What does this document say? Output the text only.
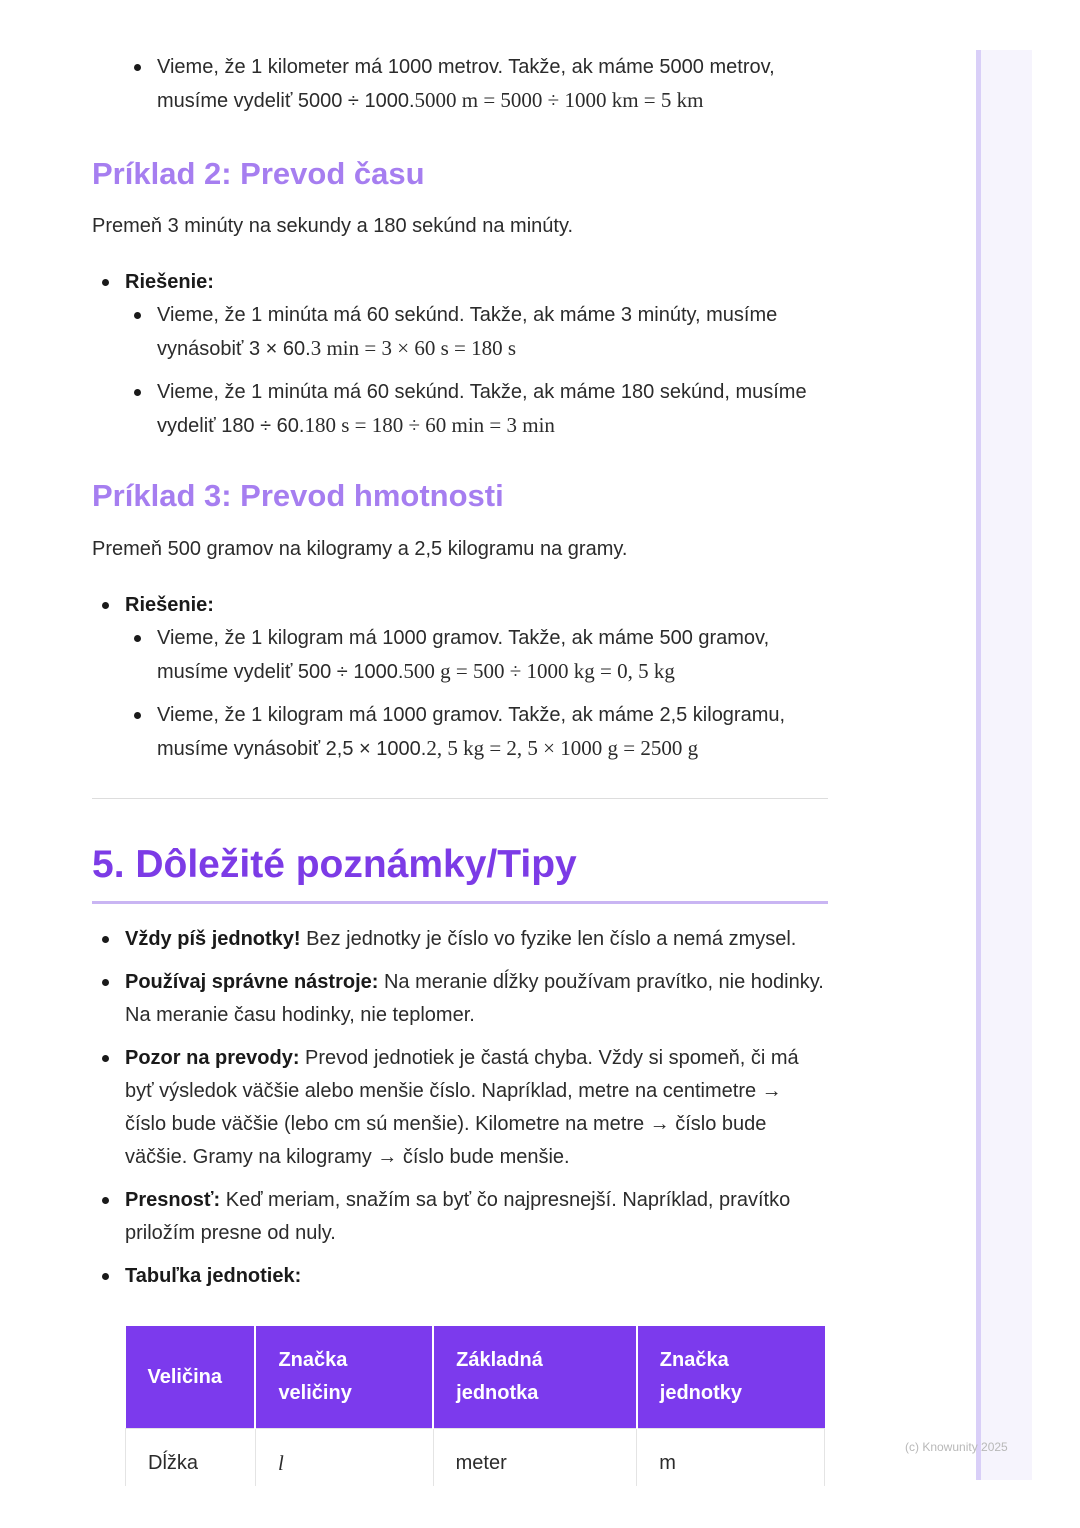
Vieme, že 1 kilometer má 1000 metrov. Takže, ak máme 5000 metrov, musíme vydeliť 5000 ÷ 1000.5000 m = 5000 ÷ 1000 km = 5 km
Príklad 2: Prevod času

Premeň 3 minúty na sekundy a 180 sekúnd na minúty.

Riešenie:
Vieme, že 1 minúta má 60 sekúnd. Takže, ak máme 3 minúty, musíme vynásobiť 3 × 60.3 min = 3 × 60 s = 180 s
Vieme, že 1 minúta má 60 sekúnd. Takže, ak máme 180 sekúnd, musíme vydeliť 180 ÷ 60.180 s = 180 ÷ 60 min = 3 min
Príklad 3: Prevod hmotnosti

Premeň 500 gramov na kilogramy a 2,5 kilogramu na gramy.

Riešenie:
Vieme, že 1 kilogram má 1000 gramov. Takže, ak máme 500 gramov, musíme vydeliť 500 ÷ 1000.500 g = 500 ÷ 1000 kg = 0, 5 kg
Vieme, že 1 kilogram má 1000 gramov. Takže, ak máme 2,5 kilogramu, musíme vynásobiť 2,5 × 1000.2, 5 kg = 2, 5 × 1000 g = 2500 g
5. Dôležité poznámky/Tipy
Vždy píš jednotky! Bez jednotky je číslo vo fyzike len číslo a nemá zmysel.
Používaj správne nástroje: Na meranie dĺžky používam pravítko, nie hodinky. Na meranie času hodinky, nie teplomer.
Pozor na prevody: Prevod jednotiek je častá chyba. Vždy si spomeň, či má byť výsledok väčšie alebo menšie číslo. Napríklad, metre na centimetre → číslo bude väčšie (lebo cm sú menšie). Kilometre na metre → číslo bude väčšie. Gramy na kilogramy → číslo bude menšie.
Presnosť: Keď meriam, snažím sa byť čo najpresnejší. Napríklad, pravítko priložím presne od nuly.
Tabuľka jednotiek:
Veličina	Značka veličiny	Základná jednotka	Značka jednotky
Dĺžka	l	meter	m
(c) Knowunity 2025
